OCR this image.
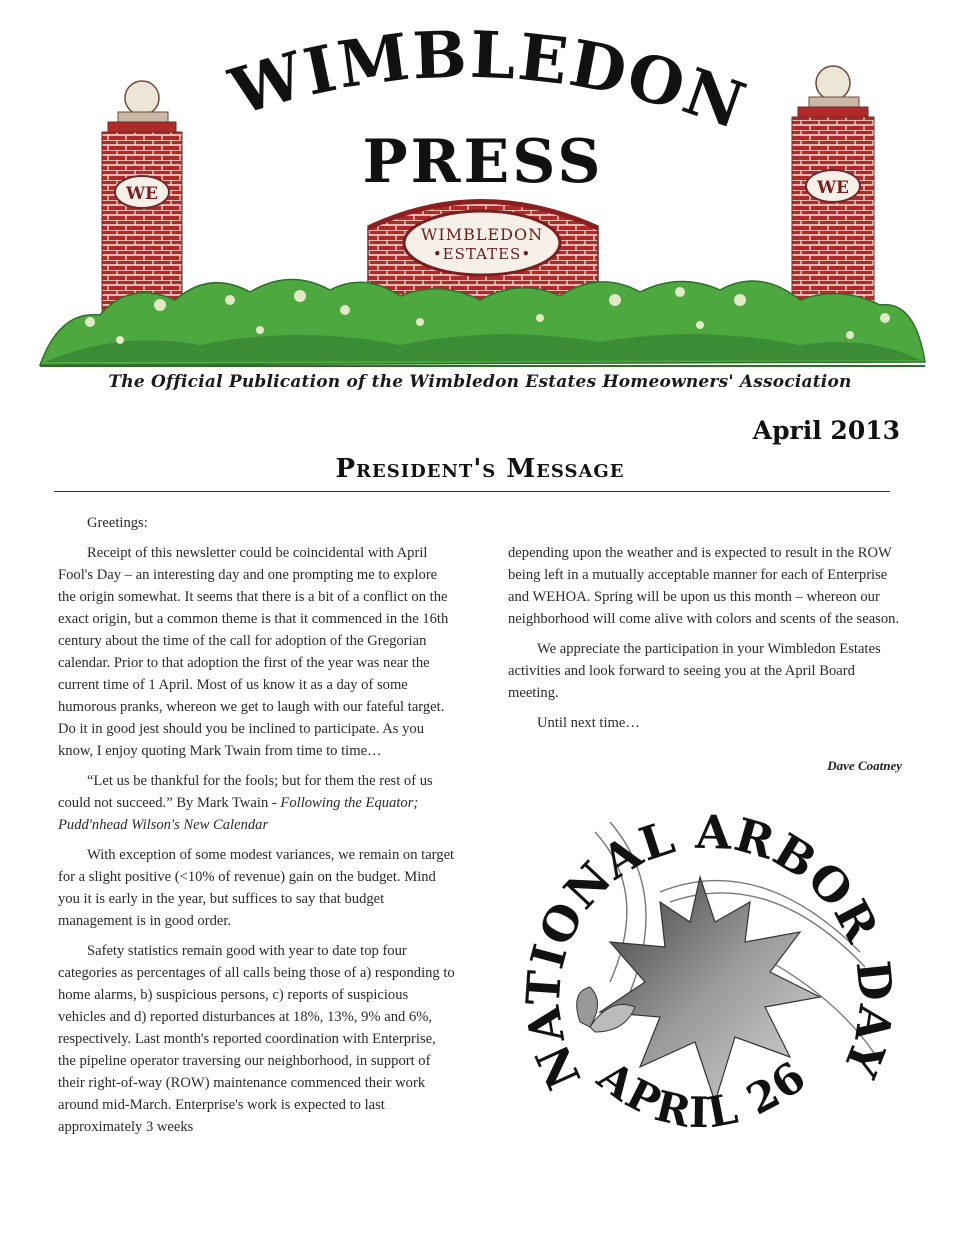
WIMBLEDON
PRESS
WE	WE
WIMBLEDON
•ESTATES•
The Official Publication of the Wimbledon Estates Homeowners' Association
April 2013
President's Message

Greetings:

Receipt of this newsletter could be coincidental with April Fool's Day – an interesting day and one prompting me to explore the origin somewhat. It seems that there is a bit of a conflict on the exact origin, but a common theme is that it commenced in the 16th century about the time of the call for adoption of the Gregorian calendar. Prior to that adoption the first of the year was near the current time of 1 April. Most of us know it as a day of some humorous pranks, whereon we get to laugh with our fateful target. Do it in good jest should you be inclined to participate. As you know, I enjoy quoting Mark Twain from time to time…

“Let us be thankful for the fools; but for them the rest of us could not succeed.” By Mark Twain - Following the Equator; Pudd'nhead Wilson's New Calendar

With exception of some modest variances, we remain on target for a slight positive (<10% of revenue) gain on the budget. Mind you it is early in the year, but suffices to say that budget management is in good order.

Safety statistics remain good with year to date top four categories as percentages of all calls being those of a) responding to home alarms, b) suspicious persons, c) reports of suspicious vehicles and d) reported disturbances at 18%, 13%, 9% and 6%, respectively. Last month's reported coordination with Enterprise, the pipeline operator traversing our neighborhood, in support of their right-of-way (ROW) maintenance commenced their work around mid-March. Enterprise's work is expected to last approximately 3 weeks

depending upon the weather and is expected to result in the ROW being left in a mutually acceptable manner for each of Enterprise and WEHOA. Spring will be upon us this month – whereon our neighborhood will come alive with colors and scents of the season.

We appreciate the participation in your Wimbledon Estates activities and look forward to seeing you at the April Board meeting.

Until next time…

Dave Coatney
NATIONAL ARBOR DAY
APRIL 26
